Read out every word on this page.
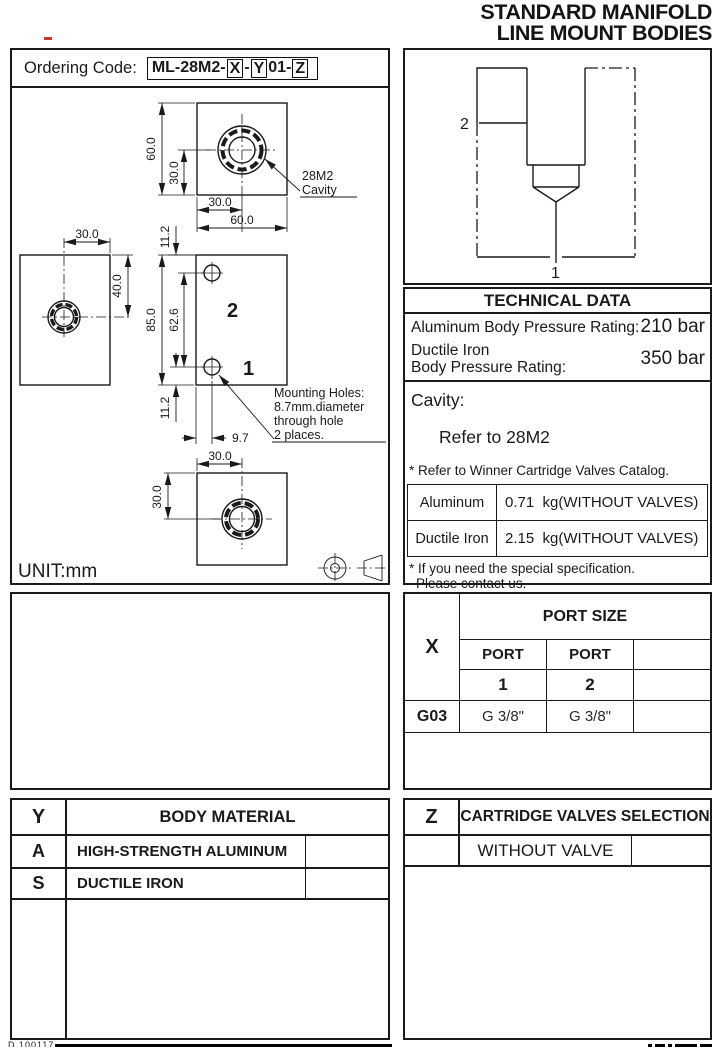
STANDARD MANIFOLD
LINE MOUNT BODIES
Ordering Code: ML-28M2- X - Y 01- Z
60.0
30.0
30.0
60.0
28M2
Cavity
11.2
30.0
40.0
2
1
85.0 62.6
11.2
9.7
30.0
Mounting Holes:
8.7mm.diameter
through hole
2 places.
30.0
UNIT:mm
2
1
TECHNICAL DATA
Aluminum Body Pressure Rating: 210 bar
Ductile Iron
Body Pressure Rating:	350 bar
Cavity:
Refer to 28M2
* Refer to Winner Cartridge Valves Catalog.
Aluminum	0.71  kg(WITHOUT VALVES)
Ductile Iron	2.15  kg(WITHOUT VALVES)
* If you need the special specification.
Please contact us.
X
PORT SIZE
PORT	PORT
1	2
G03	G 3/8"	G 3/8"
Y	BODY MATERIAL
A	HIGH-STRENGTH ALUMINUM
S	DUCTILE IRON
Z	CARTRIDGE VALVES SELECTION
WITHOUT VALVE
D 100117
